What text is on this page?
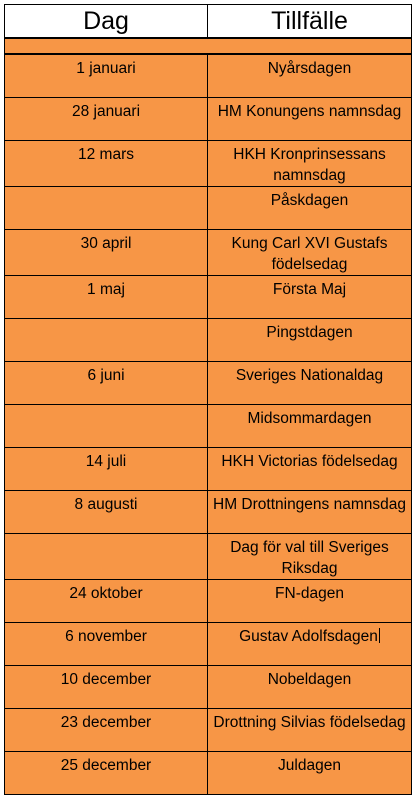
Dag	Tillfälle

1 januari	Nyårsdagen
28 januari	HM Konungens namnsdag
12 mars	HKH Kronprinsessans namnsdag
	Påskdagen
30 april	Kung Carl XVI Gustafs födelsedag
1 maj	Första Maj
	Pingstdagen
6 juni	Sveriges Nationaldag
	Midsommardagen
14 juli	HKH Victorias födelsedag
8 augusti	HM Drottningens namnsdag
	Dag för val till Sveriges Riksdag
24 oktober	FN-dagen
6 november	Gustav Adolfsdagen
10 december	Nobeldagen
23 december	Drottning Silvias födelsedag
25 december	Juldagen
